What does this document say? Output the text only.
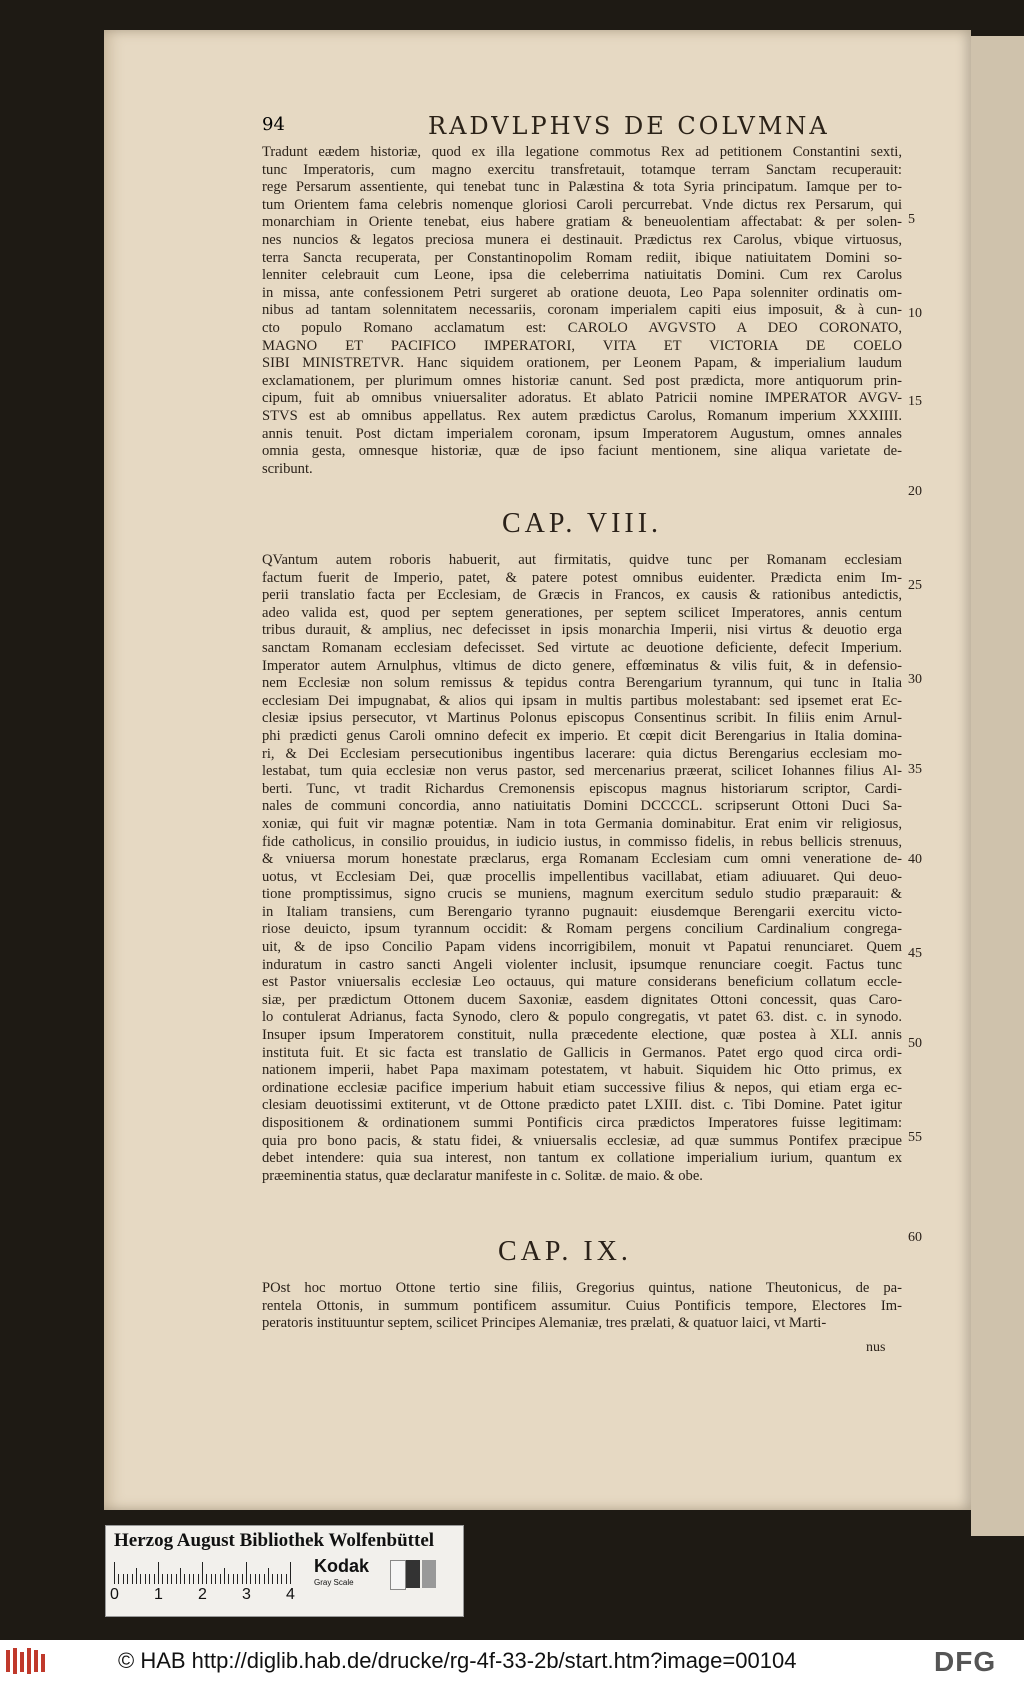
94	RADVLPHVS DE COLVMNA

Tradunt eædem historiæ, quod ex illa legatione commotus Rex ad petitionem Constantini sexti,

tunc Imperatoris, cum magno exercitu transfretauit, totamque terram Sanctam recuperauit:

rege Persarum assentiente, qui tenebat tunc in Palæstina & tota Syria principatum. Iamque per to-

tum Orientem fama celebris nomenque gloriosi Caroli percurrebat. Vnde dictus rex Persarum, qui

monarchiam in Oriente tenebat, eius habere gratiam & beneuolentiam affectabat: & per solen-

nes nuncios & legatos preciosa munera ei destinauit. Prædictus rex Carolus, vbique virtuosus,

terra Sancta recuperata, per Constantinopolim Romam rediit, ibique natiuitatem Domini so-

lenniter celebrauit cum Leone, ipsa die celeberrima natiuitatis Domini. Cum rex Carolus

in missa, ante confessionem Petri surgeret ab oratione deuota, Leo Papa solenniter ordinatis om-

nibus ad tantam solennitatem necessariis, coronam imperialem capiti eius imposuit, & à cun-

cto populo Romano acclamatum est: CAROLO AVGVSTO A DEO CORONATO,

MAGNO ET PACIFICO IMPERATORI, VITA ET VICTORIA DE COELO

SIBI MINISTRETVR. Hanc siquidem orationem, per Leonem Papam, & imperialium laudum

exclamationem, per plurimum omnes historiæ canunt. Sed post prædicta, more antiquorum prin-

cipum, fuit ab omnibus vniuersaliter adoratus. Et ablato Patricii nomine IMPERATOR AVGV-

STVS est ab omnibus appellatus. Rex autem prædictus Carolus, Romanum imperium XXXIIII.

annis tenuit. Post dictam imperialem coronam, ipsum Imperatorem Augustum, omnes annales

omnia gesta, omnesque historiæ, quæ de ipso faciunt mentionem, sine aliqua varietate de-

scribunt.

CAP. VIII.

QVantum autem roboris habuerit, aut firmitatis, quidve tunc per Romanam ecclesiam

factum fuerit de Imperio, patet, & patere potest omnibus euidenter. Prædicta enim Im-

perii translatio facta per Ecclesiam, de Græcis in Francos, ex causis & rationibus antedictis,

adeo valida est, quod per septem generationes, per septem scilicet Imperatores, annis centum

tribus durauit, & amplius, nec defecisset in ipsis monarchia Imperii, nisi virtus & deuotio erga

sanctam Romanam ecclesiam defecisset. Sed virtute ac deuotione deficiente, defecit Imperium.

Imperator autem Arnulphus, vltimus de dicto genere, effœminatus & vilis fuit, & in defensio-

nem Ecclesiæ non solum remissus & tepidus contra Berengarium tyrannum, qui tunc in Italia

ecclesiam Dei impugnabat, & alios qui ipsam in multis partibus molestabant: sed ipsemet erat Ec-

clesiæ ipsius persecutor, vt Martinus Polonus episcopus Consentinus scribit. In filiis enim Arnul-

phi prædicti genus Caroli omnino defecit ex imperio. Et cœpit dicit Berengarius in Italia domina-

ri, & Dei Ecclesiam persecutionibus ingentibus lacerare: quia dictus Berengarius ecclesiam mo-

lestabat, tum quia ecclesiæ non verus pastor, sed mercenarius præerat, scilicet Iohannes filius Al-

berti. Tunc, vt tradit Richardus Cremonensis episcopus magnus historiarum scriptor, Cardi-

nales de communi concordia, anno natiuitatis Domini DCCCCL. scripserunt Ottoni Duci Sa-

xoniæ, qui fuit vir magnæ potentiæ. Nam in tota Germania dominabitur. Erat enim vir religiosus,

fide catholicus, in consilio prouidus, in iudicio iustus, in commisso fidelis, in rebus bellicis strenuus,

& vniuersa morum honestate præclarus, erga Romanam Ecclesiam cum omni veneratione de-

uotus, vt Ecclesiam Dei, quæ procellis impellentibus vacillabat, etiam adiuuaret. Qui deuo-

tione promptissimus, signo crucis se muniens, magnum exercitum sedulo studio præparauit: &

in Italiam transiens, cum Berengario tyranno pugnauit: eiusdemque Berengarii exercitu victo-

riose deuicto, ipsum tyrannum occidit: & Romam pergens concilium Cardinalium congrega-

uit, & de ipso Concilio Papam videns incorrigibilem, monuit vt Papatui renunciaret. Quem

induratum in castro sancti Angeli violenter inclusit, ipsumque renunciare coegit. Factus tunc

est Pastor vniuersalis ecclesiæ Leo octauus, qui mature considerans beneficium collatum eccle-

siæ, per prædictum Ottonem ducem Saxoniæ, easdem dignitates Ottoni concessit, quas Caro-

lo contulerat Adrianus, facta Synodo, clero & populo congregatis, vt patet 63. dist. c. in synodo.

Insuper ipsum Imperatorem constituit, nulla præcedente electione, quæ postea à XLI. annis

instituta fuit. Et sic facta est translatio de Gallicis in Germanos. Patet ergo quod circa ordi-

nationem imperii, habet Papa maximam potestatem, vt habuit. Siquidem hic Otto primus, ex

ordinatione ecclesiæ pacifice imperium habuit etiam successive filius & nepos, qui etiam erga ec-

clesiam deuotissimi extiterunt, vt de Ottone prædicto patet LXIII. dist. c. Tibi Domine. Patet igitur

dispositionem & ordinationem summi Pontificis circa prædictos Imperatores fuisse legitimam:

quia pro bono pacis, & statu fidei, & vniuersalis ecclesiæ, ad quæ summus Pontifex præcipue

debet intendere: quia sua interest, non tantum ex collatione imperialium iurium, quantum ex

præeminentia status, quæ declaratur manifeste in c. Solitæ. de maio. & obe.

CAP. IX.

POst hoc mortuo Ottone tertio sine filiis, Gregorius quintus, natione Theutonicus, de pa-

rentela Ottonis, in summum pontificem assumitur. Cuius Pontificis tempore, Electores Im-

peratoris instituuntur septem, scilicet Principes Alemaniæ, tres prælati, & quatuor laici, vt Marti-

nus
5
10
15
20
25
30
35
40
45
50
55
60
Herzog August Bibliothek Wolfenbüttel
0 1 2 3 4
Kodak
Gray Scale
© HAB http://diglib.hab.de/drucke/rg-4f-33-2b/start.htm?image=00104	DFG
